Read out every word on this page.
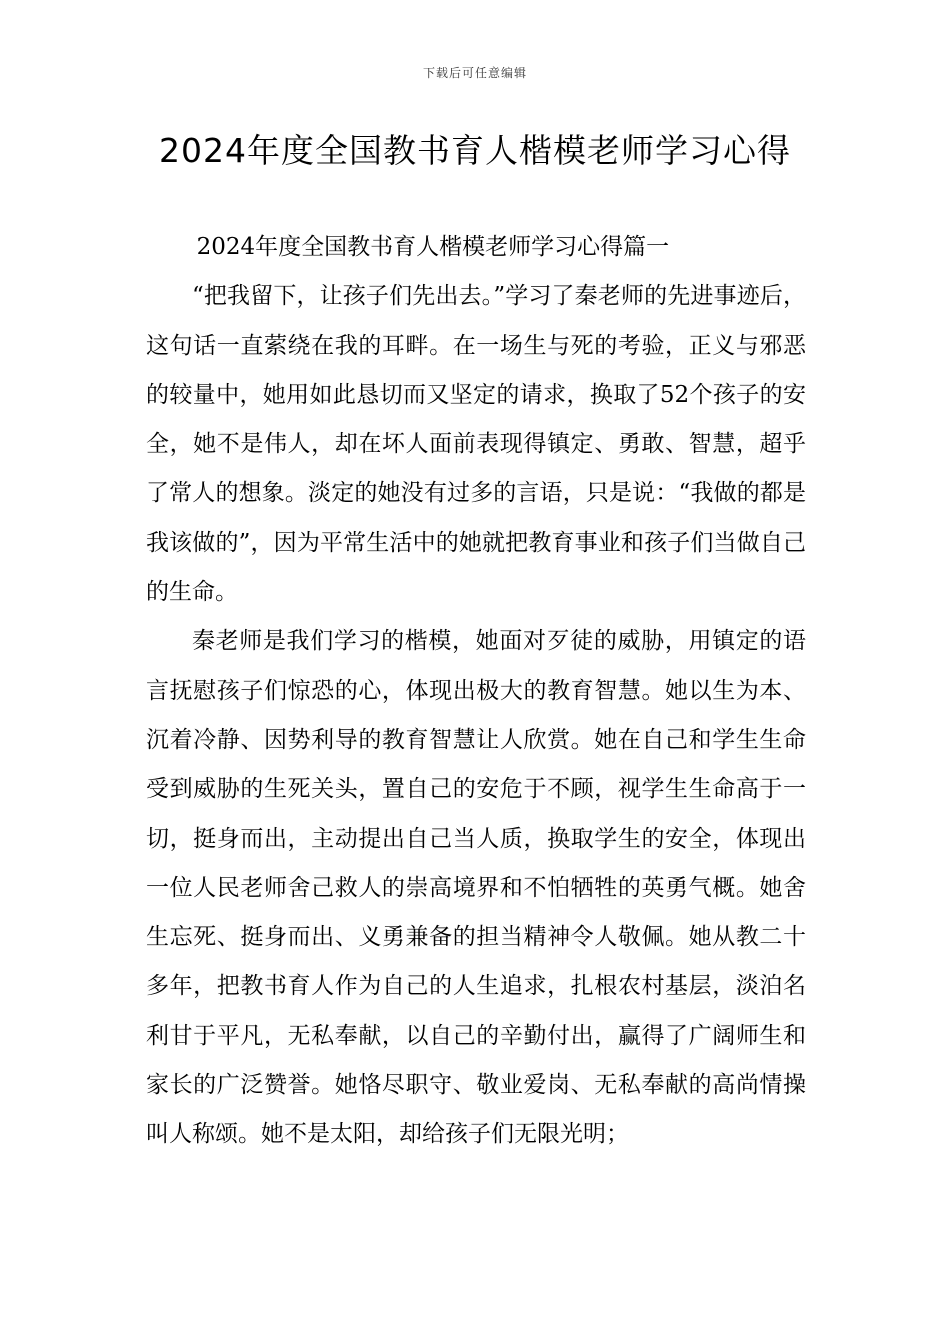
下载后可任意编辑
2024年度全国教书育人楷模老师学习心得

2024年度全国教书育人楷模老师学习心得篇一

“把我留下，让孩子们先出去。”学习了秦老师的先进事迹后，这句话一直萦绕在我的耳畔。在一场生与死的考验，正义与邪恶的较量中，她用如此恳切而又坚定的请求，换取了52个孩子的安全，她不是伟人，却在坏人面前表现得镇定、勇敢、智慧，超乎了常人的想象。淡定的她没有过多的言语，只是说：“我做的都是我该做的”，因为平常生活中的她就把教育事业和孩子们当做自己的生命。

秦老师是我们学习的楷模，她面对歹徒的威胁，用镇定的语言抚慰孩子们惊恐的心，体现出极大的教育智慧。她以生为本、沉着冷静、因势利导的教育智慧让人欣赏。她在自己和学生生命受到威胁的生死关头，置自己的安危于不顾，视学生生命高于一切，挺身而出，主动提出自己当人质，换取学生的安全，体现出一位人民老师舍己救人的崇高境界和不怕牺牲的英勇气概。她舍生忘死、挺身而出、义勇兼备的担当精神令人敬佩。她从教二十多年，把教书育人作为自己的人生追求，扎根农村基层，淡泊名利甘于平凡，无私奉献，以自己的辛勤付出，赢得了广阔师生和家长的广泛赞誉。她恪尽职守、敬业爱岗、无私奉献的高尚情操叫人称颂。她不是太阳，却给孩子们无限光明；
